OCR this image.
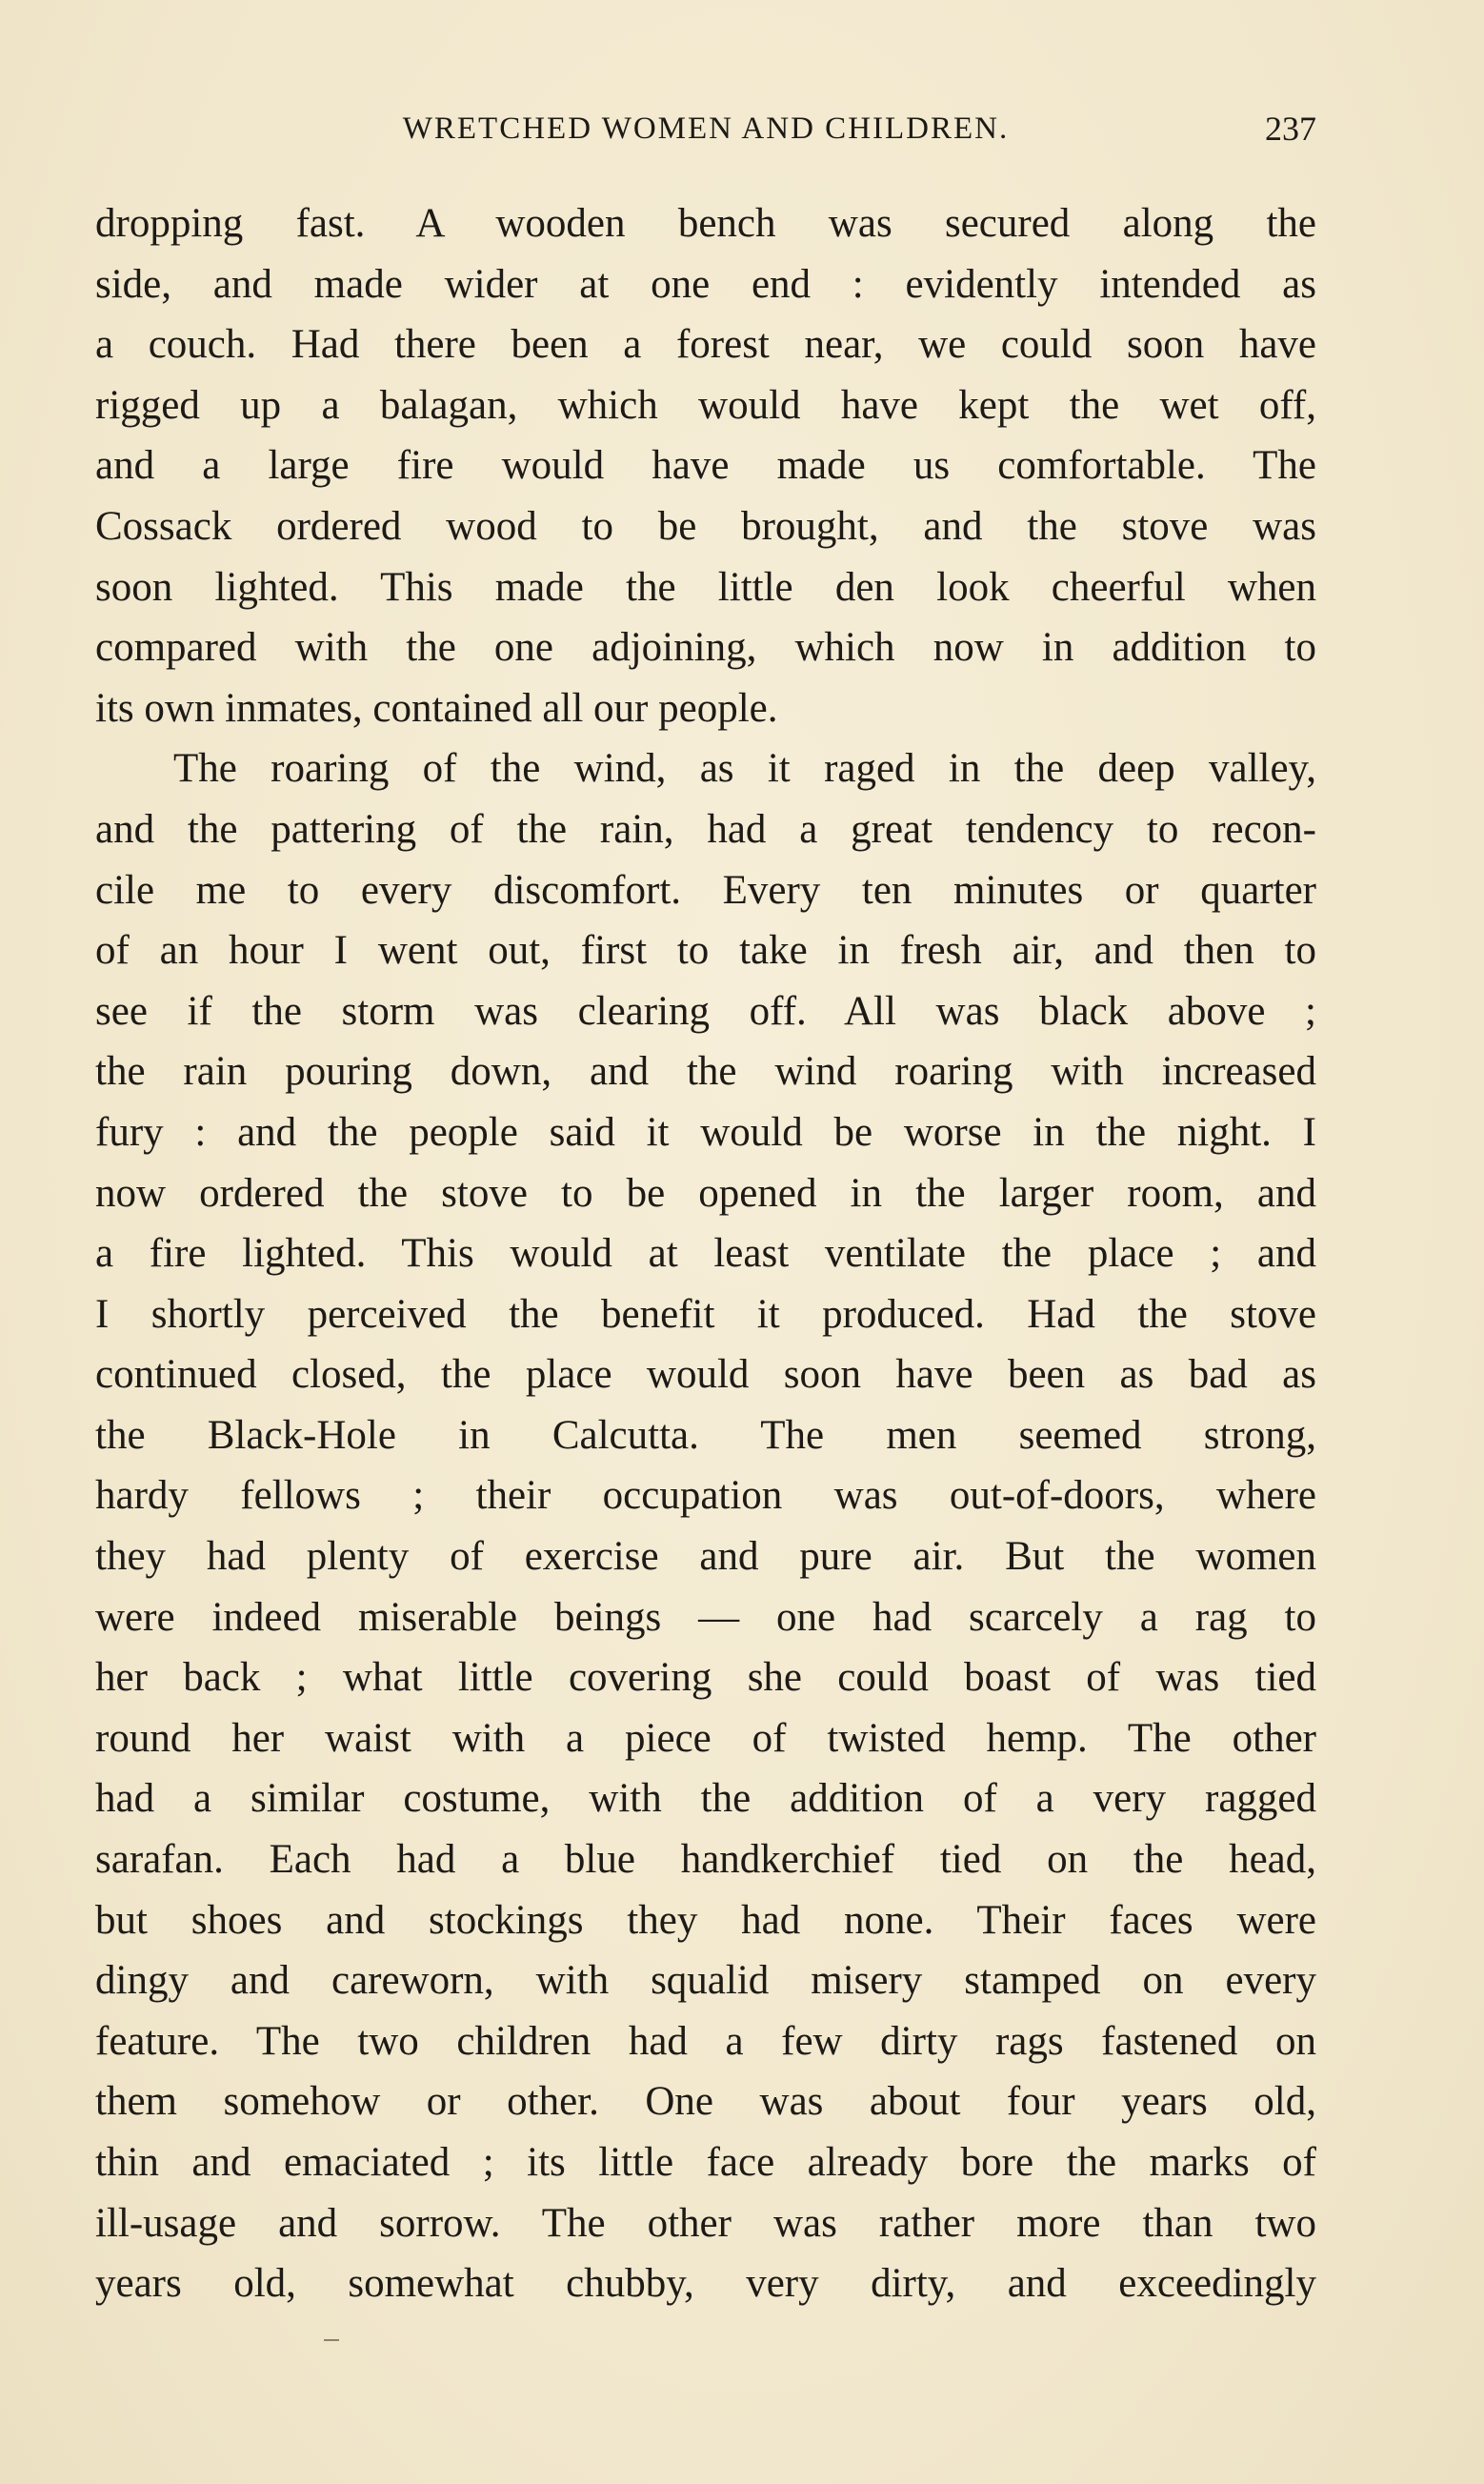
WRETCHED WOMEN AND CHILDREN.	237
dropping fast. A wooden bench was secured along the
side, and made wider at one end : evidently intended as
a couch. Had there been a forest near, we could soon have
rigged up a balagan, which would have kept the wet off,
and a large fire would have made us comfortable. The
Cossack ordered wood to be brought, and the stove was
soon lighted. This made the little den look cheerful when
compared with the one adjoining, which now in addition to
its own inmates, contained all our people.
The roaring of the wind, as it raged in the deep valley,
and the pattering of the rain, had a great tendency to recon-
cile me to every discomfort. Every ten minutes or quarter
of an hour I went out, first to take in fresh air, and then to
see if the storm was clearing off. All was black above ;
the rain pouring down, and the wind roaring with increased
fury : and the people said it would be worse in the night. I
now ordered the stove to be opened in the larger room, and
a fire lighted. This would at least ventilate the place ; and
I shortly perceived the benefit it produced. Had the stove
continued closed, the place would soon have been as bad as
the Black-Hole in Calcutta. The men seemed strong,
hardy fellows ; their occupation was out-of-doors, where
they had plenty of exercise and pure air. But the women
were indeed miserable beings — one had scarcely a rag to
her back ; what little covering she could boast of was tied
round her waist with a piece of twisted hemp. The other
had a similar costume, with the addition of a very ragged
sarafan. Each had a blue handkerchief tied on the head,
but shoes and stockings they had none. Their faces were
dingy and careworn, with squalid misery stamped on every
feature. The two children had a few dirty rags fastened on
them somehow or other. One was about four years old,
thin and emaciated ; its little face already bore the marks of
ill-usage and sorrow. The other was rather more than two
years old, somewhat chubby, very dirty, and exceedingly
